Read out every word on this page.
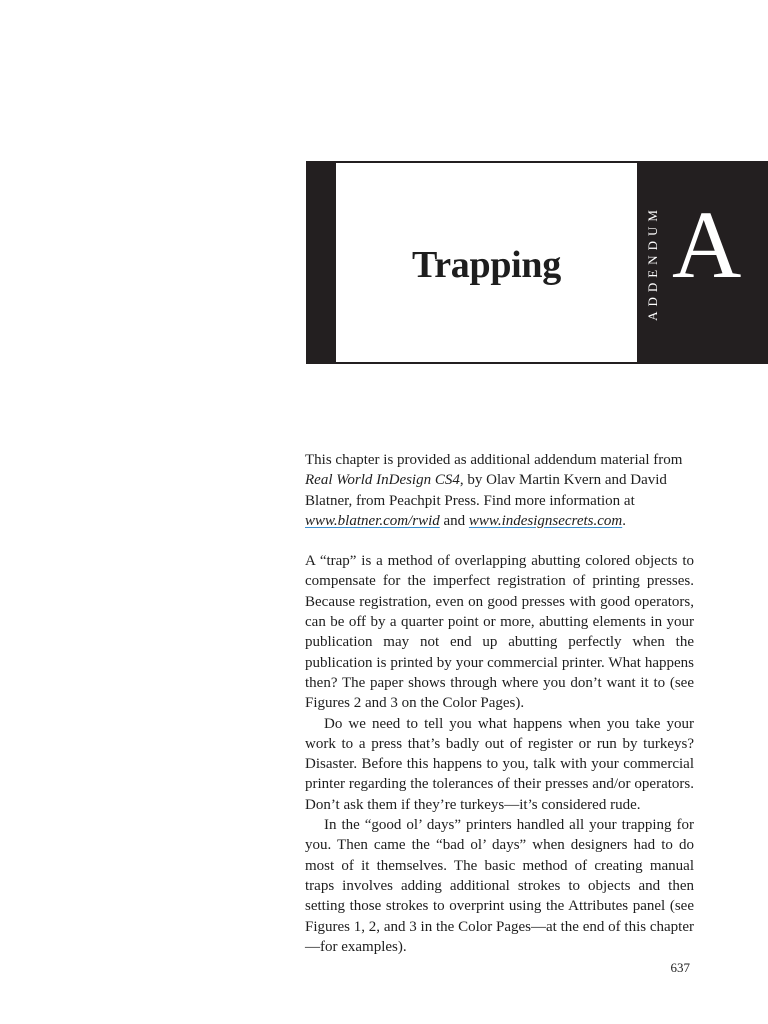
Trapping	ADDENDUM A

This chapter is provided as additional addendum material from Real World InDesign CS4, by Olav Martin Kvern and David Blatner, from Peachpit Press. Find more information at www.blatner.com/rwid and www.indesignsecrets.com.

A “trap” is a method of overlapping abutting colored objects to compensate for the imperfect registration of printing presses. Because registration, even on good presses with good operators, can be off by a quarter point or more, abutting elements in your publication may not end up abutting perfectly when the publication is printed by your commercial printer. What happens then? The paper shows through where you don’t want it to (see Figures 2 and 3 on the Color Pages).

Do we need to tell you what happens when you take your work to a press that’s badly out of register or run by turkeys? Disaster. Before this happens to you, talk with your commercial printer regarding the tolerances of their presses and/or operators. Don’t ask them if they’re turkeys—it’s considered rude.

In the “good ol’ days” printers handled all your trapping for you. Then came the “bad ol’ days” when designers had to do most of it themselves. The basic method of creating manual traps involves adding additional strokes to objects and then setting those strokes to overprint using the Attributes panel (see Figures 1, 2, and 3 in the Color Pages—at the end of this chapter—for examples).

637
